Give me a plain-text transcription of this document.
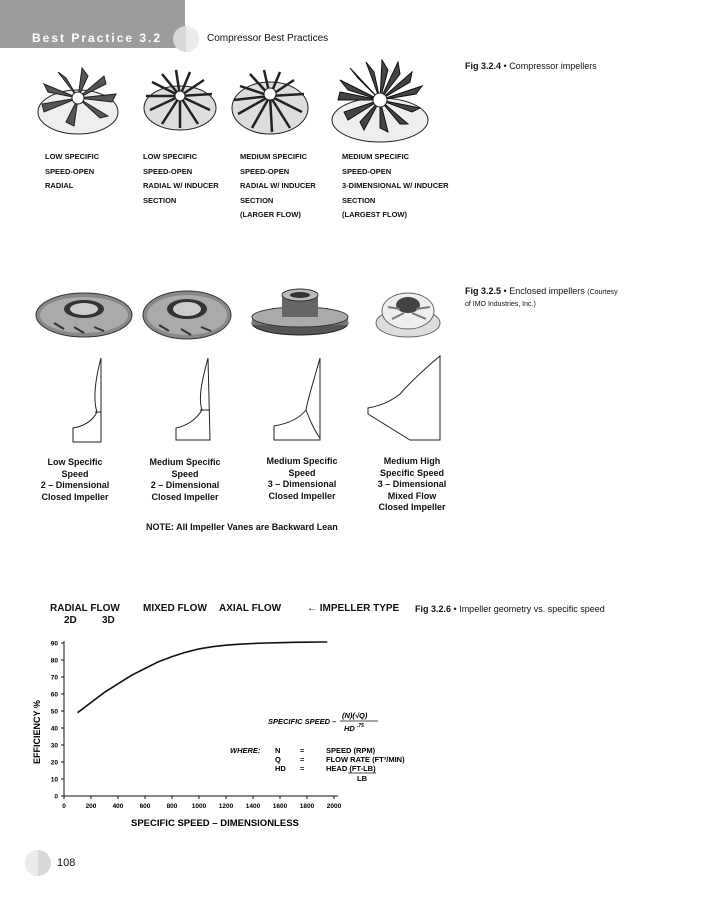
Best Practice 3.2	Compressor Best Practices
Fig 3.2.4 • Compressor impellers
LOW SPECIFIC
SPEED-OPEN
RADIAL
LOW SPECIFIC
SPEED-OPEN
RADIAL W/ INDUCER
SECTION
MEDIUM SPECIFIC
SPEED-OPEN
RADIAL W/ INDUCER
SECTION
(LARGER FLOW)
MEDIUM SPECIFIC
SPEED-OPEN
3-DIMENSIONAL W/ INDUCER
SECTION
(LARGEST FLOW)
Fig 3.2.5 • Enclosed impellers (Courtesy
of IMO Industries, Inc.)
Low Specific
Speed
2 – Dimensional
Closed Impeller
Medium Specific
Speed
2 – Dimensional
Closed Impeller
Medium Specific
Speed
3 – Dimensional
Closed Impeller
Medium High
Specific Speed
3 – Dimensional
Mixed Flow
Closed Impeller
NOTE: All Impeller Vanes are Backward Lean
RADIAL FLOW
2D	3D
MIXED FLOW AXIAL FLOW	← IMPELLER TYPE Fig 3.2.6 • Impeller geometry vs. specific speed
0
10
20
30
40
50
60
70
80
90
0	200 400 600 800 1000 1200 1400 1600 1800 2000
EFFICIENCY %
SPECIFIC SPEED – DIMENSIONLESS
SPECIFIC SPEED –
(N)(√Q)
HD .75
WHERE: N	=	SPEED (RPM)
Q	=	FLOW RATE (FT³/MIN)
HD =	HEAD (FT-LB)
LB
108
